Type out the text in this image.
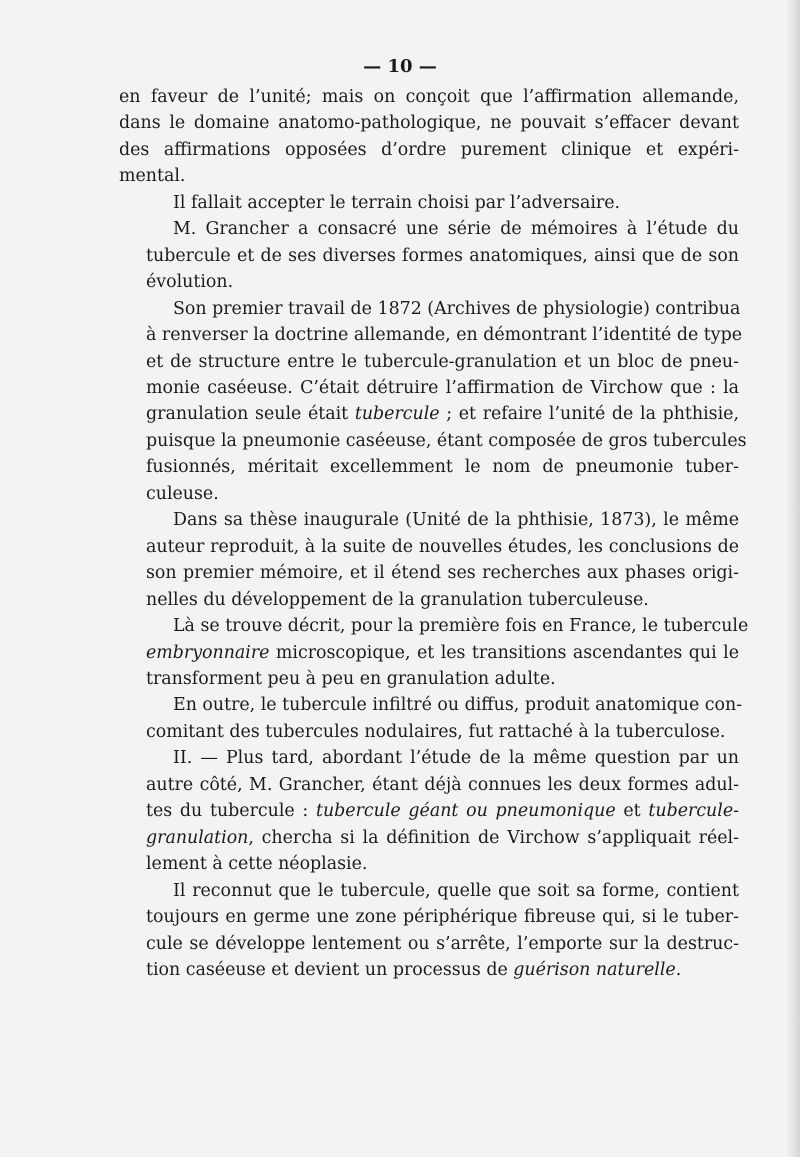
— 10 —

en faveur de l’unité; mais on conçoit que l’affirmation allemande,
dans le domaine anatomo-pathologique, ne pouvait s’effacer devant
des affirmations opposées d’ordre purement clinique et expéri-
mental.

Il fallait accepter le terrain choisi par l’adversaire.

M. Grancher a consacré une série de mémoires à l’étude du
tubercule et de ses diverses formes anatomiques, ainsi que de son
évolution.

Son premier travail de 1872 (Archives de physiologie) contribua
à renverser la doctrine allemande, en démontrant l’identité de type
et de structure entre le tubercule-granulation et un bloc de pneu-
monie caséeuse. C’était détruire l’affirmation de Virchow que : la
granulation seule était tubercule ; et refaire l’unité de la phthisie,
puisque la pneumonie caséeuse, étant composée de gros tubercules
fusionnés, méritait excellemment le nom de pneumonie tuber-
culeuse.

Dans sa thèse inaugurale (Unité de la phthisie, 1873), le même
auteur reproduit, à la suite de nouvelles études, les conclusions de
son premier mémoire, et il étend ses recherches aux phases origi-
nelles du développement de la granulation tuberculeuse.

Là se trouve décrit, pour la première fois en France, le tubercule
embryonnaire microscopique, et les transitions ascendantes qui le
transforment peu à peu en granulation adulte.

En outre, le tubercule infiltré ou diffus, produit anatomique con-
comitant des tubercules nodulaires, fut rattaché à la tuberculose.

II. — Plus tard, abordant l’étude de la même question par un
autre côté, M. Grancher, étant déjà connues les deux formes adul-
tes du tubercule : tubercule géant ou pneumonique et tubercule-
granulation, chercha si la définition de Virchow s’appliquait réel-
lement à cette néoplasie.

Il reconnut que le tubercule, quelle que soit sa forme, contient
toujours en germe une zone périphérique fibreuse qui, si le tuber-
cule se développe lentement ou s’arrête, l’emporte sur la destruc-
tion caséeuse et devient un processus de guérison naturelle.
